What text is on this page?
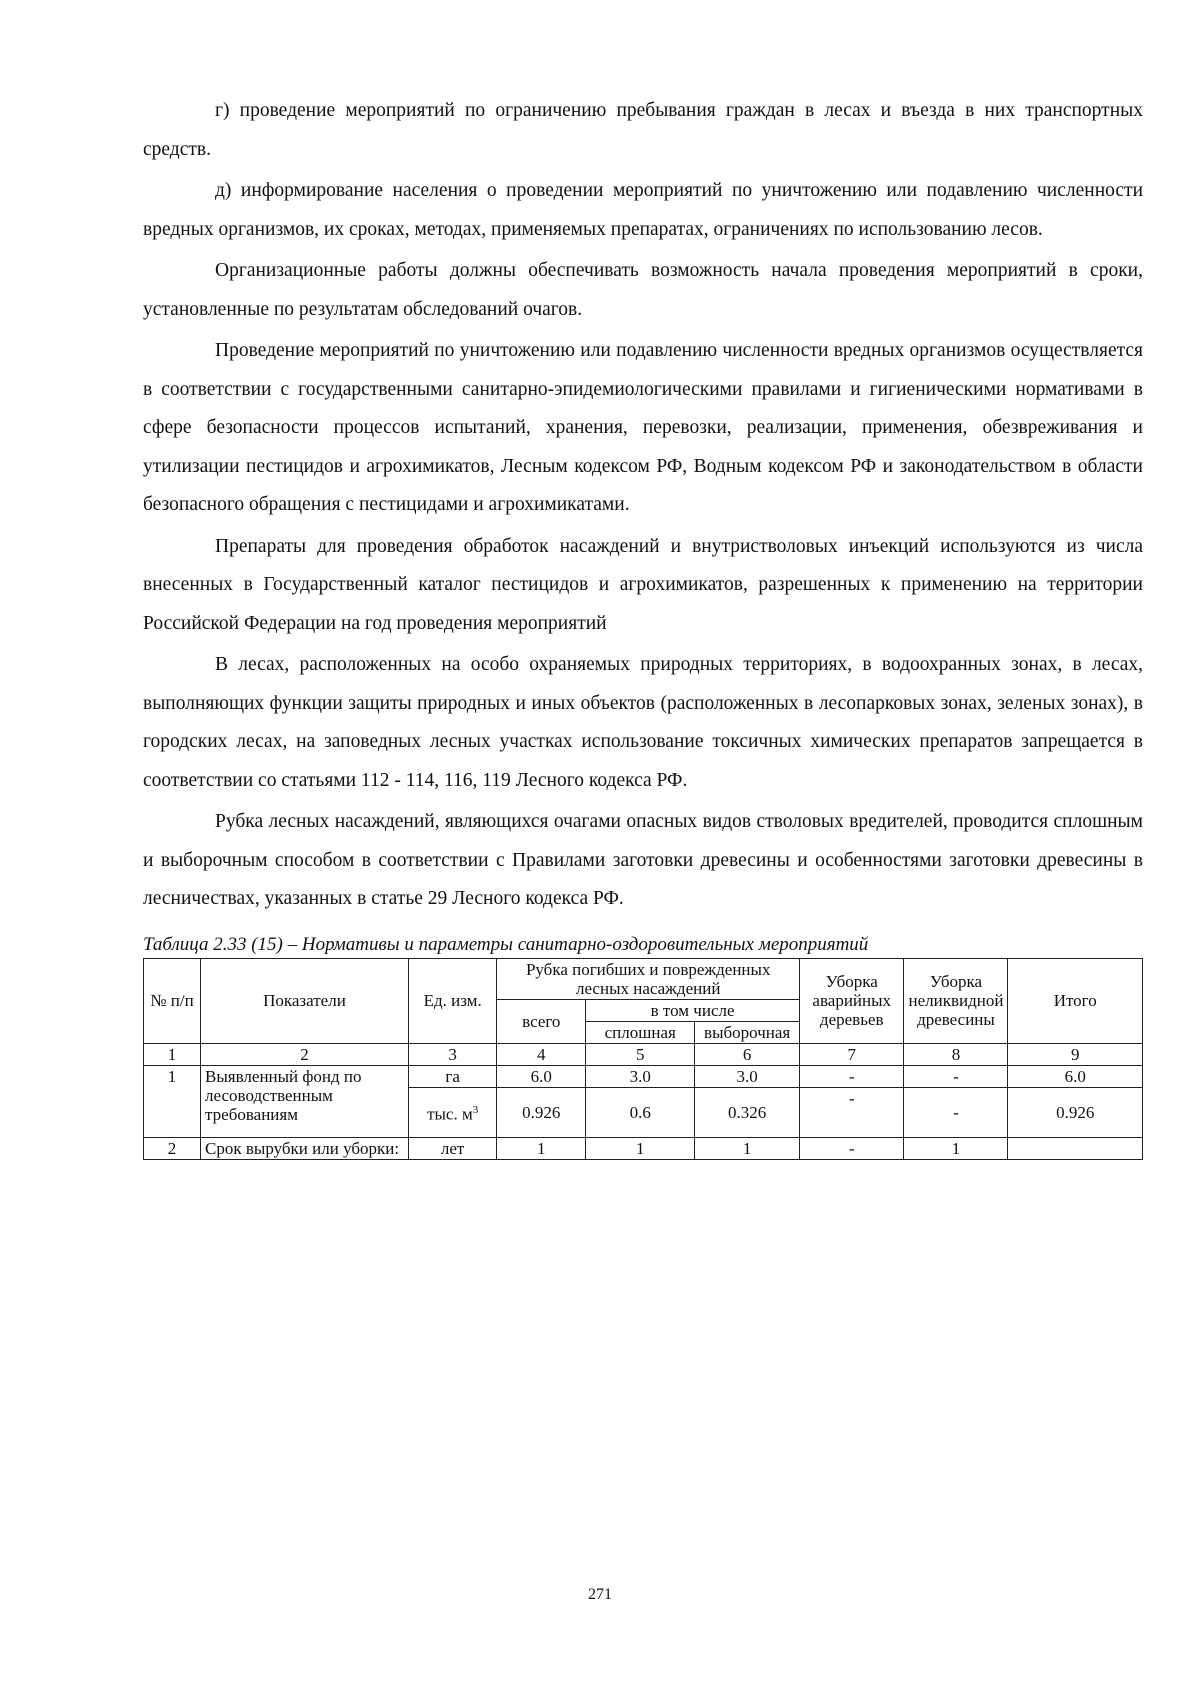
г) проведение мероприятий по ограничению пребывания граждан в лесах и въезда в них транспортных средств.

д) информирование населения о проведении мероприятий по уничтожению или подавлению численности вредных организмов, их сроках, методах, применяемых препаратах, ограничениях по использованию лесов.

Организационные работы должны обеспечивать возможность начала проведения мероприятий в сроки, установленные по результатам обследований очагов.

Проведение мероприятий по уничтожению или подавлению численности вредных организмов осуществляется в соответствии с государственными санитарно-эпидемиологическими правилами и гигиеническими нормативами в сфере безопасности процессов испытаний, хранения, перевозки, реализации, применения, обезвреживания и утилизации пестицидов и агрохимикатов, Лесным кодексом РФ, Водным кодексом РФ и законодательством в области безопасного обращения с пестицидами и агрохимикатами.

Препараты для проведения обработок насаждений и внутристволовых инъекций используются из числа внесенных в Государственный каталог пестицидов и агрохимикатов, разрешенных к применению на территории Российской Федерации на год проведения мероприятий

В лесах, расположенных на особо охраняемых природных территориях, в водоохранных зонах, в лесах, выполняющих функции защиты природных и иных объектов (расположенных в лесопарковых зонах, зеленых зонах), в городских лесах, на заповедных лесных участках использование токсичных химических препаратов запрещается в соответствии со статьями 112 - 114, 116, 119 Лесного кодекса РФ.

Рубка лесных насаждений, являющихся очагами опасных видов стволовых вредителей, проводится сплошным и выборочным способом в соответствии с Правилами заготовки древесины и особенностями заготовки древесины в лесничествах, указанных в статье 29 Лесного кодекса РФ.

Таблица 2.33 (15) – Нормативы и параметры санитарно-оздоровительных мероприятий

№ п/п	Показатели	Ед. изм.	Рубка погибших и поврежденных лесных насаждений			Уборка аварийных деревьев	Уборка неликвидной древесины	Итого
			всего	в том числе				
				сплошная	выборочная			
1	2	3	4	5	6	7	8	9
1	Выявленный фонд по лесоводственным требованиям	га	6.0	3.0	3.0	-	-	6.0
		тыс. $м^3$	0.926	0.6	0.326	-	-	0.926
2	Срок вырубки или уборки:	лет	1	1	1	-	1	
271
